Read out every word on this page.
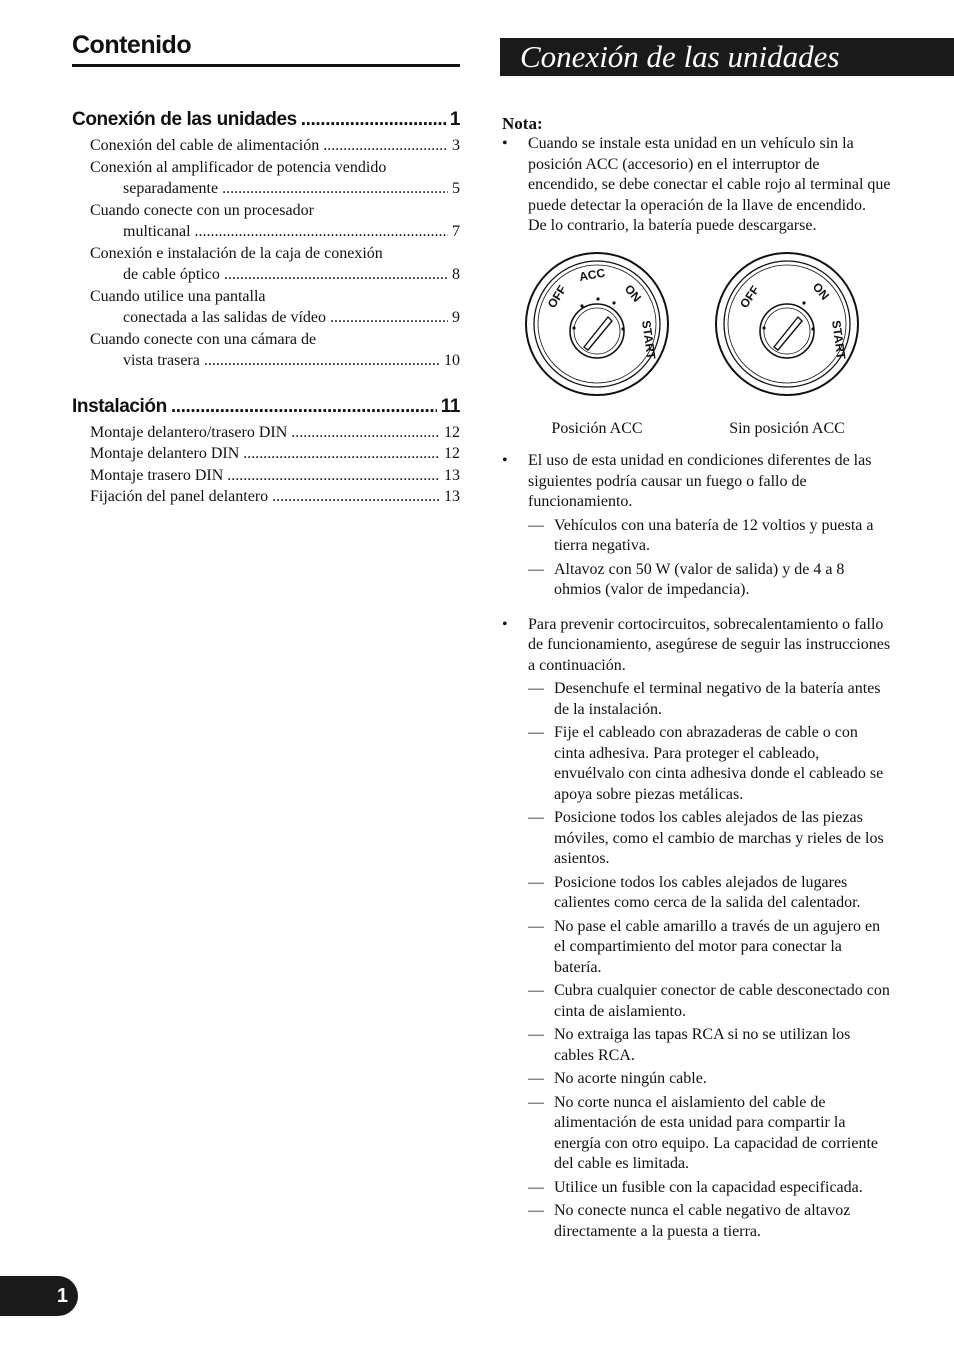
Contenido
Conexión de las unidades .....	1
Conexión del cable de alimentación .....	3
Conexión al amplificador de potencia vendido
separadamente .....	5
Cuando conecte con un procesador
multicanal .....	7
Conexión e instalación de la caja de conexión
de cable óptico .....	8
Cuando utilice una pantalla
conectada a las salidas de vídeo .....	9
Cuando conecte con una cámara de
vista trasera .....	10
Instalación .....	11
Montaje delantero/trasero DIN .....	12
Montaje delantero DIN .....	12
Montaje trasero DIN .....	13
Fijación del panel delantero .....	13
Conexión de las unidades
Nota:
• Cuando se instale esta unidad en un vehículo sin la posición ACC (accesorio) en el interruptor de encendido, se debe conectar el cable rojo al terminal que puede detectar la operación de la llave de encendido.
De lo contrario, la batería puede descargarse.
OFF
ACC
ON
START
Posición ACC
OFF	ON
START
Sin posición ACC
• El uso de esta unidad en condiciones diferentes de las siguientes podría causar un fuego o fallo de funcionamiento.
— Vehículos con una batería de 12 voltios y puesta a tierra negativa.
— Altavoz con 50 W (valor de salida) y de 4 a 8 ohmios (valor de impedancia).
• Para prevenir cortocircuitos, sobrecalentamiento o fallo de funcionamiento, asegúrese de seguir las instrucciones a continuación.
— Desenchufe el terminal negativo de la batería antes de la instalación.
— Fije el cableado con abrazaderas de cable o con cinta adhesiva. Para proteger el cableado, envuélvalo con cinta adhesiva donde el cableado se apoya sobre piezas metálicas.
— Posicione todos los cables alejados de las piezas móviles, como el cambio de marchas y rieles de los asientos.
— Posicione todos los cables alejados de lugares calientes como cerca de la salida del calentador.
— No pase el cable amarillo a través de un agujero en el compartimiento del motor para conectar la batería.
— Cubra cualquier conector de cable desconectado con cinta de aislamiento.
— No extraiga las tapas RCA si no se utilizan los cables RCA.
— No acorte ningún cable.
— No corte nunca el aislamiento del cable de alimentación de esta unidad para compartir la energía con otro equipo. La capacidad de corriente del cable es limitada.
— Utilice un fusible con la capacidad especificada.
— No conecte nunca el cable negativo de altavoz directamente a la puesta a tierra.
1
